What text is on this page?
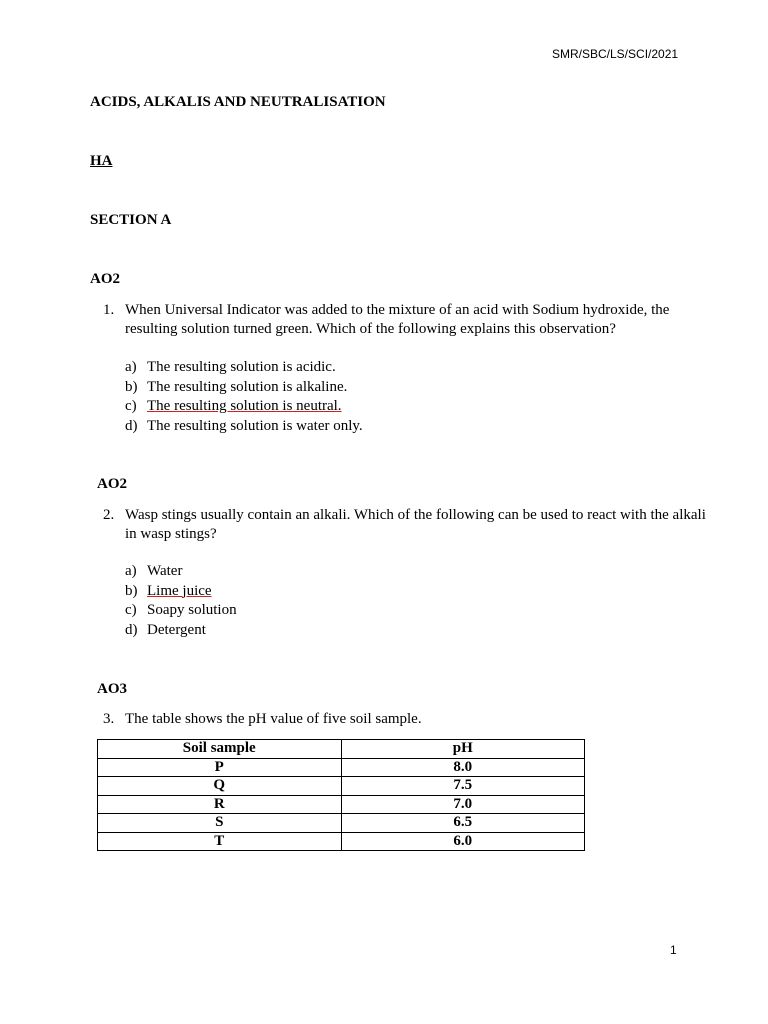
SMR/SBC/LS/SCI/2021
ACIDS, ALKALIS AND NEUTRALISATION
HA
SECTION A
AO2
1. When Universal Indicator was added to the mixture of an acid with Sodium hydroxide, the resulting solution turned green. Which of the following explains this observation?
a) The resulting solution is acidic.
b) The resulting solution is alkaline.
c) The resulting solution is neutral.
d) The resulting solution is water only.
AO2
2. Wasp stings usually contain an alkali. Which of the following can be used to react with the alkali in wasp stings?
a) Water
b) Lime juice
c) Soapy solution
d) Detergent
AO3
3. The table shows the pH value of five soil sample.
Soil sample	pH
P	8.0
Q	7.5
R	7.0
S	6.5
T	6.0
1
